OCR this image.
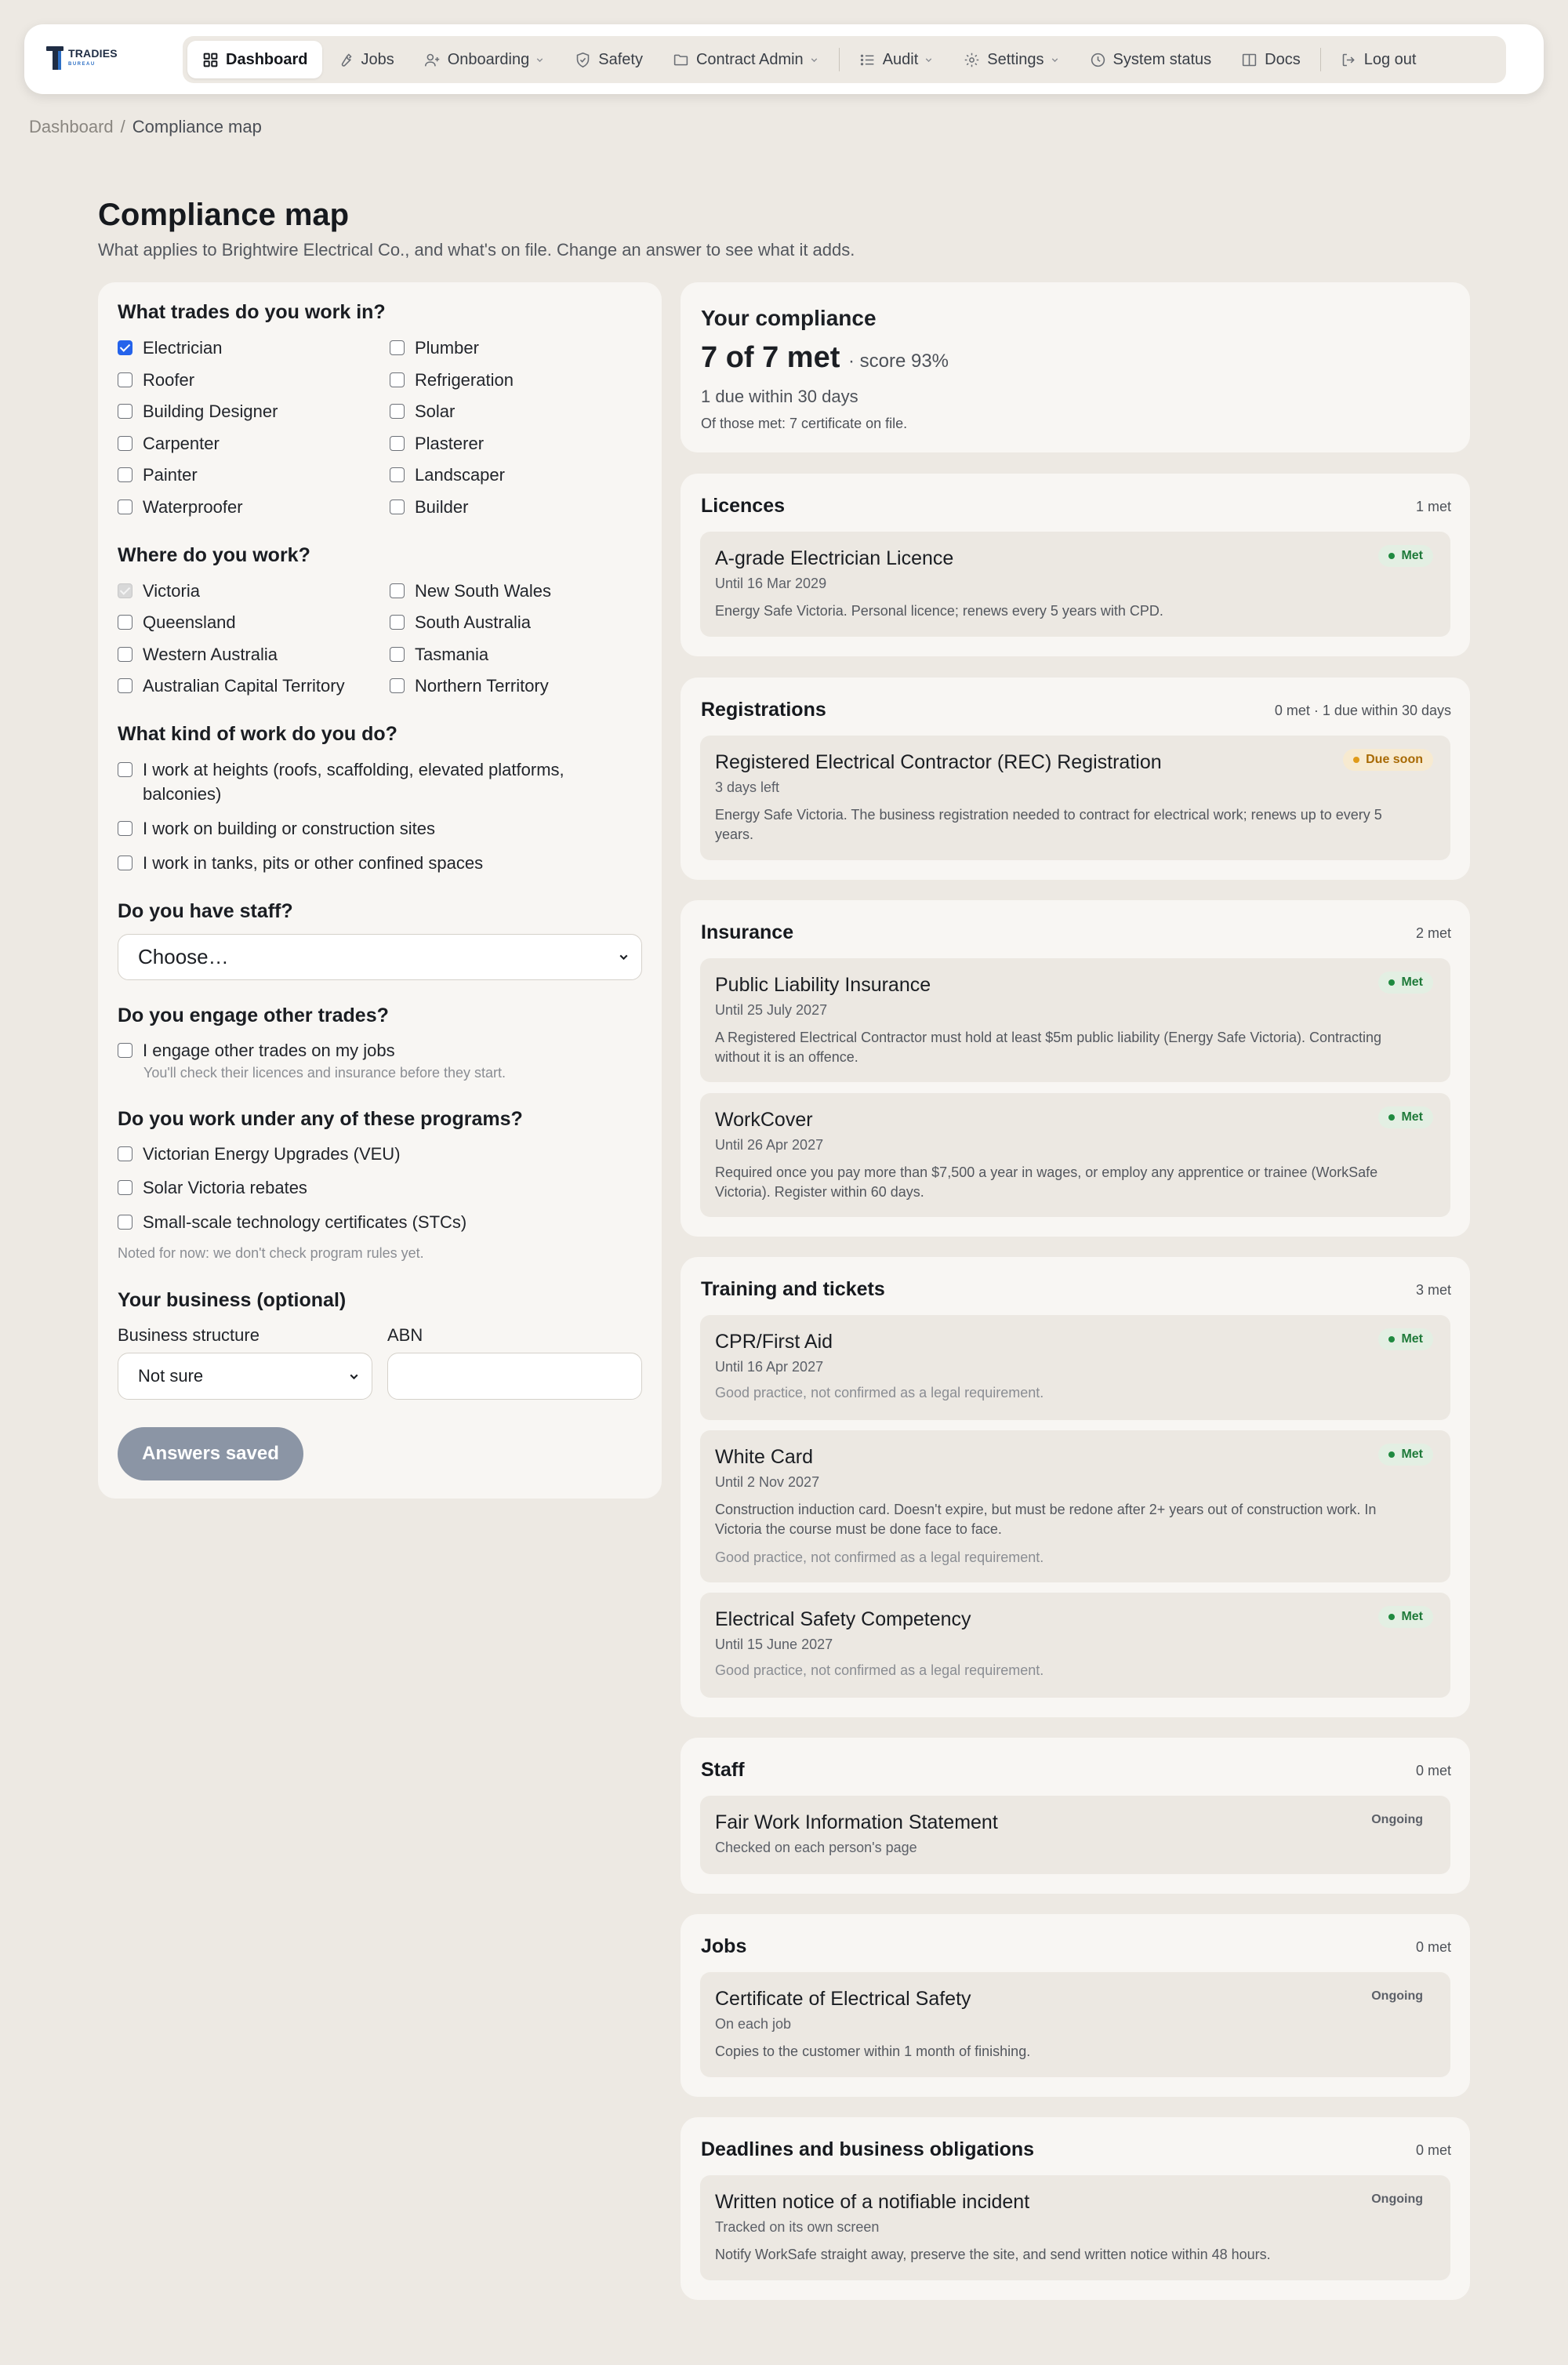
TRADIES
BUREAU	Dashboard	Jobs	Onboarding	Safety	Contract Admin	Audit	Settings	System status	Docs	Log out
Dashboard / Compliance map
Compliance map
What applies to Brightwire Electrical Co., and what's on file. Change an answer to see what it adds.
What trades do you work in?
Electrician	Plumber
Roofer	Refrigeration
Building Designer	Solar
Carpenter	Plasterer
Painter	Landscaper
Waterproofer	Builder
Where do you work?
Victoria	New South Wales
Queensland	South Australia
Western Australia	Tasmania
Australian Capital Territory	Northern Territory
What kind of work do you do?
I work at heights (roofs, scaffolding, elevated platforms, balconies)
I work on building or construction sites
I work in tanks, pits or other confined spaces
Do you have staff?
Choose…
Do you engage other trades?
I engage other trades on my jobs
You'll check their licences and insurance before they start.
Do you work under any of these programs?
Victorian Energy Upgrades (VEU)
Solar Victoria rebates
Small-scale technology certificates (STCs)
Noted for now: we don't check program rules yet.
Your business (optional)
Business structure	ABN
Not sure
Answers saved
Your compliance
7 of 7 met · score 93%
1 due within 30 days
Of those met: 7 certificate on file.
Licences	1 met
A-grade Electrician Licence	Met
Until 16 Mar 2029
Energy Safe Victoria. Personal licence; renews every 5 years with CPD.
Registrations	0 met · 1 due within 30 days
Registered Electrical Contractor (REC) Registration	Due soon
3 days left
Energy Safe Victoria. The business registration needed to contract for electrical work; renews up to every 5 years.
Insurance	2 met
Public Liability Insurance	Met
Until 25 July 2027
A Registered Electrical Contractor must hold at least $5m public liability (Energy Safe Victoria). Contracting without it is an offence.
WorkCover	Met
Until 26 Apr 2027
Required once you pay more than $7,500 a year in wages, or employ any apprentice or trainee (WorkSafe Victoria). Register within 60 days.
Training and tickets	3 met
CPR/First Aid	Met
Until 16 Apr 2027
Good practice, not confirmed as a legal requirement.
White Card	Met
Until 2 Nov 2027
Construction induction card. Doesn't expire, but must be redone after 2+ years out of construction work. In Victoria the course must be done face to face.
Good practice, not confirmed as a legal requirement.
Electrical Safety Competency	Met
Until 15 June 2027
Good practice, not confirmed as a legal requirement.
Staff	0 met
Fair Work Information Statement	Ongoing
Checked on each person's page
Jobs	0 met
Certificate of Electrical Safety	Ongoing
On each job
Copies to the customer within 1 month of finishing.
Deadlines and business obligations	0 met
Written notice of a notifiable incident	Ongoing
Tracked on its own screen
Notify WorkSafe straight away, preserve the site, and send written notice within 48 hours.
